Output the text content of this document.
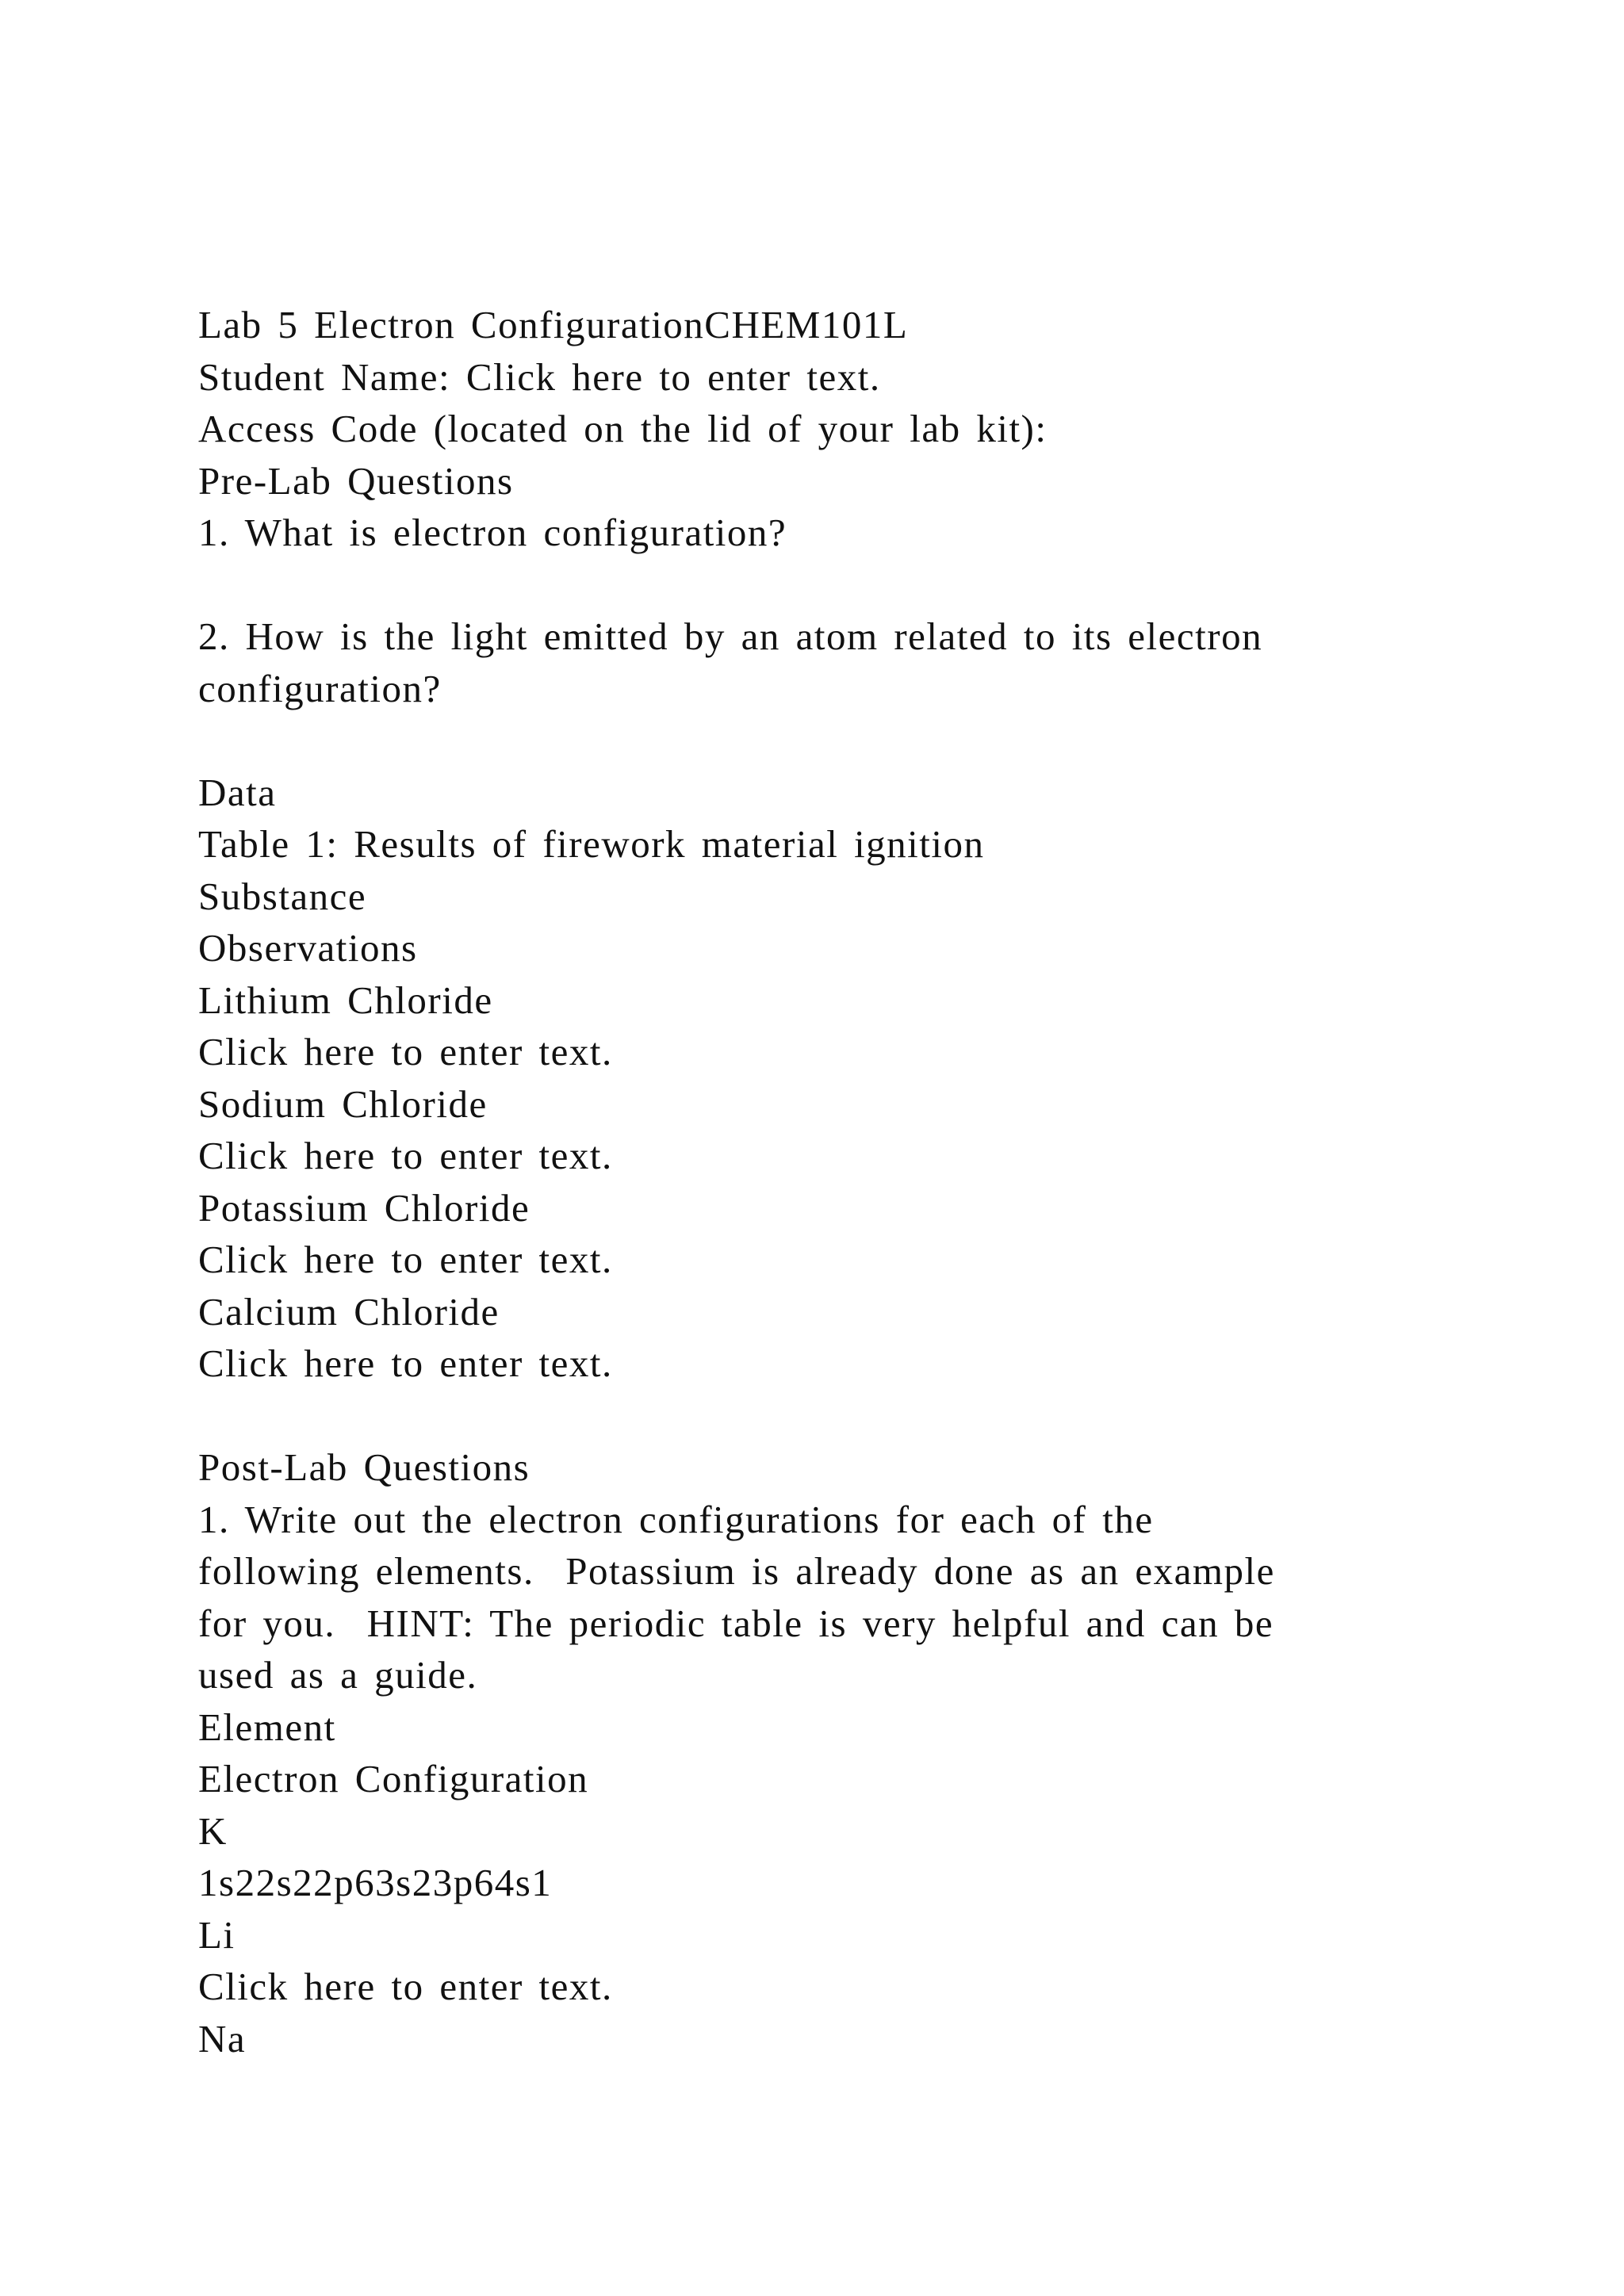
Lab 5 Electron ConfigurationCHEM101L
Student Name: Click here to enter text.
Access Code (located on the lid of your lab kit):
Pre-Lab Questions
1. What is electron configuration?
2. How is the light emitted by an atom related to its electron
configuration?
Data
Table 1: Results of firework material ignition
Substance
Observations
Lithium Chloride
Click here to enter text.
Sodium Chloride
Click here to enter text.
Potassium Chloride
Click here to enter text.
Calcium Chloride
Click here to enter text.
Post-Lab Questions
1. Write out the electron configurations for each of the
following elements.  Potassium is already done as an example
for you.  HINT: The periodic table is very helpful and can be
used as a guide.
Element
Electron Configuration
K
1s22s22p63s23p64s1
Li
Click here to enter text.
Na
